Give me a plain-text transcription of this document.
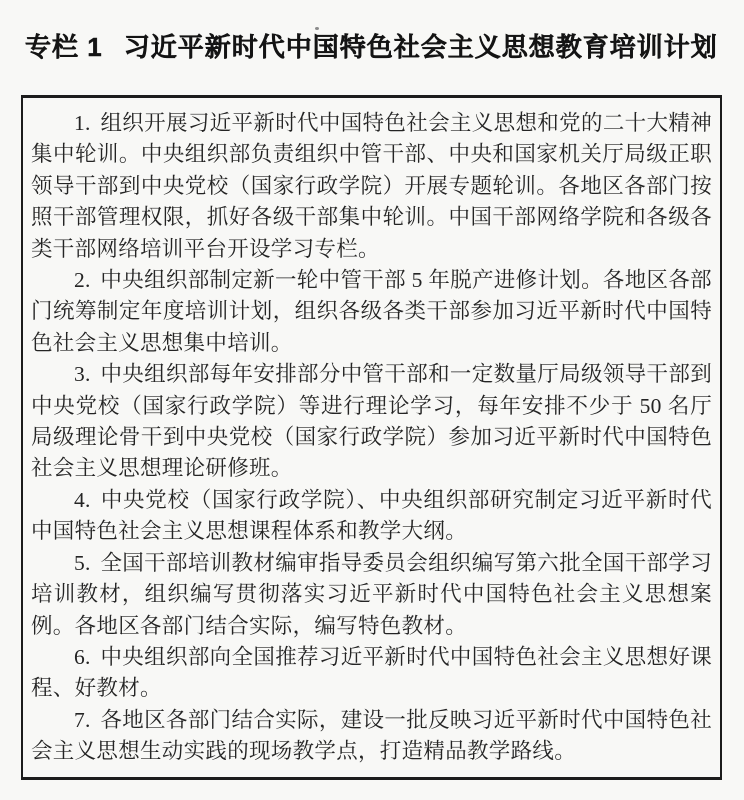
专栏 1 习近平新时代中国特色社会主义思想教育培训计划

1. 组织开展习近平新时代中国特色社会主义思想和党的二十大精神集中轮训。中央组织部负责组织中管干部、中央和国家机关厅局级正职领导干部到中央党校（国家行政学院）开展专题轮训。各地区各部门按照干部管理权限，抓好各级干部集中轮训。中国干部网络学院和各级各类干部网络培训平台开设学习专栏。

2. 中央组织部制定新一轮中管干部 5 年脱产进修计划。各地区各部门统筹制定年度培训计划，组织各级各类干部参加习近平新时代中国特色社会主义思想集中培训。

3. 中央组织部每年安排部分中管干部和一定数量厅局级领导干部到中央党校（国家行政学院）等进行理论学习，每年安排不少于 50 名厅局级理论骨干到中央党校（国家行政学院）参加习近平新时代中国特色社会主义思想理论研修班。

4. 中央党校（国家行政学院）、中央组织部研究制定习近平新时代中国特色社会主义思想课程体系和教学大纲。

5. 全国干部培训教材编审指导委员会组织编写第六批全国干部学习培训教材，组织编写贯彻落实习近平新时代中国特色社会主义思想案例。各地区各部门结合实际，编写特色教材。

6. 中央组织部向全国推荐习近平新时代中国特色社会主义思想好课程、好教材。

7. 各地区各部门结合实际，建设一批反映习近平新时代中国特色社会主义思想生动实践的现场教学点，打造精品教学路线。
